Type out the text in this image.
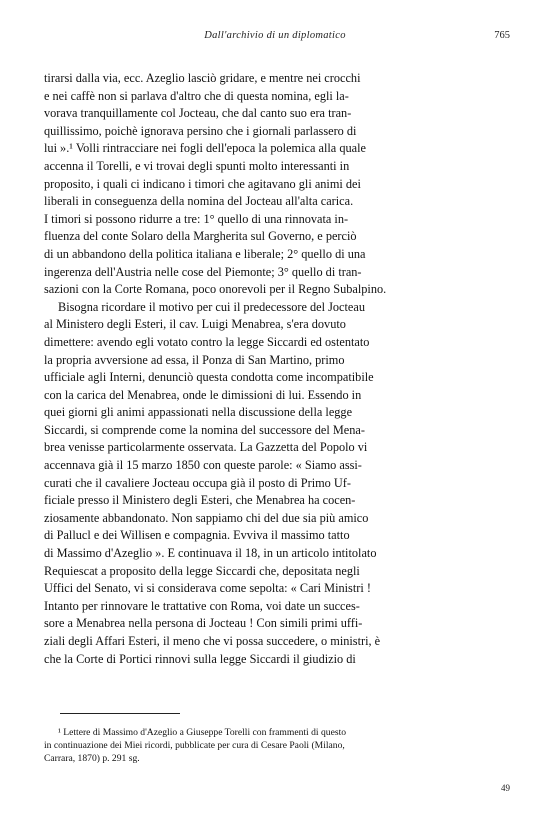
Dall'archivio di un diplomatico	765
tirarsi dalla via, ecc. Azeglio lasciò gridare, e mentre nei crocchi
e nei caffè non si parlava d'altro che di questa nomina, egli la-
vorava tranquillamente col Jocteau, che dal canto suo era tran-
quillissimo, poichè ignorava persino che i giornali parlassero di
lui ».¹ Volli rintracciare nei fogli dell'epoca la polemica alla quale
accenna il Torelli, e vi trovai degli spunti molto interessanti in
proposito, i quali ci indicano i timori che agitavano gli animi dei
liberali in conseguenza della nomina del Jocteau all'alta carica.
I timori si possono ridurre a tre: 1° quello di una rinnovata in-
fluenza del conte Solaro della Margherita sul Governo, e perciò
di un abbandono della politica italiana e liberale; 2° quello di una
ingerenza dell'Austria nelle cose del Piemonte; 3° quello di tran-
sazioni con la Corte Romana, poco onorevoli per il Regno Subalpino.
Bisogna ricordare il motivo per cui il predecessore del Jocteau
al Ministero degli Esteri, il cav. Luigi Menabrea, s'era dovuto
dimettere: avendo egli votato contro la legge Siccardi ed ostentato
la propria avversione ad essa, il Ponza di San Martino, primo
ufficiale agli Interni, denunciò questa condotta come incompatibile
con la carica del Menabrea, onde le dimissioni di lui. Essendo in
quei giorni gli animi appassionati nella discussione della legge
Siccardi, si comprende come la nomina del successore del Mena-
brea venisse particolarmente osservata. La Gazzetta del Popolo vi
accennava già il 15 marzo 1850 con queste parole: « Siamo assi-
curati che il cavaliere Jocteau occupa già il posto di Primo Uf-
ficiale presso il Ministero degli Esteri, che Menabrea ha cocen-
ziosamente abbandonato. Non sappiamo chi del due sia più amico
di Pallucl e dei Willisen e compagnia. Evviva il massimo tatto
di Massimo d'Azeglio ». E continuava il 18, in un articolo intitolato
Requiescat a proposito della legge Siccardi che, depositata negli
Uffici del Senato, vi si considerava come sepolta: « Cari Ministri !
Intanto per rinnovare le trattative con Roma, voi date un succes-
sore a Menabrea nella persona di Jocteau ! Con simili primi uffi-
ziali degli Affari Esteri, il meno che vi possa succedere, o ministri, è
che la Corte di Portici rinnovi sulla legge Siccardi il giudizio di
¹ Lettere di Massimo d'Azeglio a Giuseppe Torelli con frammenti di questo
in continuazione dei Miei ricordi, pubblicate per cura di Cesare Paoli (Milano,
Carrara, 1870) p. 291 sg.
49
